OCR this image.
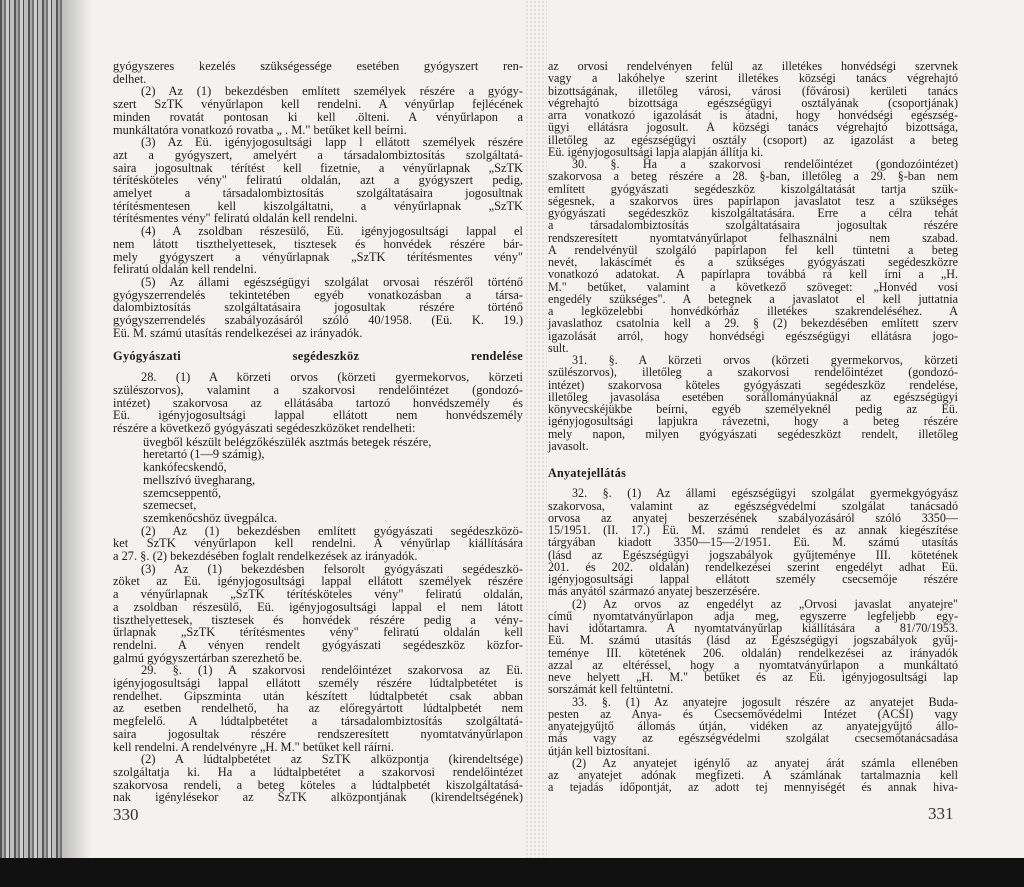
gyógyszeres kezelés szükségessége esetében gyógyszert ren-
delhet.
(2) Az (1) bekezdésben említett személyek részére a gyógy-
szert SzTK vényűrlapon kell rendelni. A vényűrlap fejlécének
minden rovatát pontosan ki kell .ölteni. A vényűrlapon a
munkáltatóra vonatkozó rovatba „ . M." betűket kell beírni.
(3) Az Eü. igényjogosultsági lapp l ellátott személyek részére
azt a gyógyszert, amelyért a társadalombiztosítás szolgáltatá-
saira jogosultnak térítést kell fizetnie, a vényűrlapnak „SzTK
térítésköteles vény" feliratú oldalán, azt a gyógyszert pedig,
amelyet a társadalombiztosítás szolgáltatásaira jogosultnak
térítésmentesen kell kiszolgáltatni, a vényűrlapnak „SzTK
térítésmentes vény" feliratú oldalán kell rendelni.
(4) A zsoldban részesülő, Eü. igényjogosultsági lappal el
nem látott tiszthelyettesek, tisztesek és honvédek részére bár-
mely gyógyszert a vényűrlapnak „SzTK térítésmentes vény"
feliratú oldalán kell rendelni.
(5) Az állami egészségügyi szolgálat orvosai részéről történő
gyógyszerrendelés tekintetében egyéb vonatkozásban a társa-
dalombiztosítás szolgáltatásaira jogosultak részére történő
gyógyszerrendelés szabályozásáról szóló 40/1958. (Eü. K. 19.)
Eü. M. számú utasítás rendelkezései az irányadók.
Gyógyászati segédeszköz rendelése
28. (1) A körzeti orvos (körzeti gyermekorvos, körzeti
szülészorvos), valamint a szakorvosi rendelőintézet (gondozó-
intézet) szakorvosa az ellátásába tartozó honvédszemély és
Eü. igényjogosultsági lappal ellátott nem honvédszemély
részére a következő gyógyászati segédeszközöket rendelheti:
üvegből készült belégzőkészülék asztmás betegek részére,
heretartó (1—9 számig),
kankófecskendő,
mellszívó üvegharang,
szemcseppentő,
szemecset,
szemkenőcshöz üvegpálca.
(2) Az (1) bekezdésben említett gyógyászati segédeszközö-
ket SzTK vényűrlapon kell rendelni. A vényűrlap kiállítására
a 27. §. (2) bekezdésében foglalt rendelkezések az irányadók.
(3) Az (1) bekezdésben felsorolt gyógyászati segédeszkö-
zöket az Eü. igényjogosultsági lappal ellátott személyek részére
a vényűrlapnak „SzTK térítésköteles vény" feliratú oldalán,
a zsoldban részesülő, Eü. igényjogosultsági lappal el nem látott
tiszthelyettesek, tisztesek és honvédek részére pedig a vény-
űrlapnak „SzTK térítésmentes vény" feliratú oldalán kell
rendelni. A vényen rendelt gyógyászati segédeszköz közfor-
galmú gyógyszertárban szerezhető be.
29. §. (1) A szakorvosi rendelőintézet szakorvosa az Eü.
igényjogosultsági lappal ellátott személy részére lúdtalpbetétet is
rendelhet. Gipszminta után készített lúdtalpbetét csak abban
az esetben rendelhető, ha az előregyártott lúdtalpbetét nem
megfelelő. A lúdtalpbetétet a társadalombiztosítás szolgáltatá-
saira jogosultak részére rendszeresített nyomtatványűrlapon
kell rendelni. A rendelvényre „H. M." betűket kell ráírni.
(2) A lúdtalpbetétet az SzTK alközpontja (kirendeltsége)
szolgáltatja ki. Ha a lúdtalpbetétet a szakorvosi rendelőintézet
szakorvosa rendeli, a beteg köteles a lúdtalpbetét kiszolgáltatásá-
nak igénylésekor az SzTK alközpontjának (kirendeltségének)
az orvosi rendelvényen felül az illetékes honvédségi szervnek
vagy a lakóhelye szerint illetékes községi tanács végrehajtó
bizottságának, illetőleg városi, városi (fővárosi) kerületi tanács
végrehajtó bizottsága egészségügyi osztályának (csoportjának)
arra vonatkozó igazolását is átadni, hogy honvédségi egészség-
ügyi ellátásra jogosult. A községi tanács végrehajtó bizottsága,
illetőleg az egészségügyi osztály (csoport) az igazolást a beteg
Eü. igényjogosultsági lapja alapján állítja ki.
30. §. Ha a szakorvosi rendelőintézet (gondozóintézet)
szakorvosa a beteg részére a 28. §-ban, illetőleg a 29. §-ban nem
említett gyógyászati segédeszköz kiszolgáltatását tartja szük-
ségesnek, a szakorvos üres papírlapon javaslatot tesz a szükséges
gyógyászati segédeszköz kiszolgáltatására. Erre a célra tehát
a társadalombiztosítás szolgáltatásaira jogosultak részére
rendszeresített nyomtatványűrlapot felhasználni nem szabad.
A rendelvényül szolgáló papírlapon fel kell tüntetni a beteg
nevét, lakáscímét és a szükséges gyógyászati segédeszközre
vonatkozó adatokat. A papírlapra továbbá rá kell írni a „H.
M." betűket, valamint a következő szöveget: „Honvéd vosi
engedély szükséges". A betegnek a javaslatot el kell juttatnia
a legközelebbi honvédkórház illetékes szakrendeléséhez. A
javaslathoz csatolnia kell a 29. § (2) bekezdésében említett szerv
igazolását arról, hogy honvédségi egészségügyi ellátásra jogo-
sult.
31. §. A körzeti orvos (körzeti gyermekorvos, körzeti
szülészorvos), illetőleg a szakorvosi rendelőintézet (gondozó-
intézet) szakorvosa köteles gyógyászati segédeszköz rendelése,
illetőleg javasolása esetében sorállományúaknál az egészségügyi
könyvecskéjükbe beírni, egyéb személyeknél pedig az Eü.
igényjogosultsági lapjukra rávezetni, hogy a beteg részére
mely napon, milyen gyógyászati segédeszközt rendelt, illetőleg
javasolt.
Anyatejellátás
32. §. (1) Az állami egészségügyi szolgálat gyermekgyógyász
szakorvosa, valamint az egészségvédelmi szolgálat tanácsadó
orvosa az anyatej beszerzésének szabályozásáról szóló 3350—
15/1951. (II. 17.) Eü. M. számú rendelet és az annak kiegészítése
tárgyában kiadott 3350—15—2/1951. Eü. M. számú utasítás
(lásd az Egészségügyi jogszabályok gyűjteménye III. kötetének
201. és 202. oldalán) rendelkezései szerint engedélyt adhat Eü.
igényjogosultsági lappal ellátott személy csecsemője részére
más anyától származó anyatej beszerzésére.
(2) Az orvos az engedélyt az „Orvosi javaslat anyatejre"
című nyomtatványűrlapon adja meg, egyszerre legfeljebb egy-
havi időtartamra. A nyomtatványűrlap kiállítására a 81/70/1953.
Eü. M. számú utasítás (lásd az Egészségügyi jogszabályok gyűj-
teménye III. kötetének 206. oldalán) rendelkezései az irányadók
azzal az eltéréssel, hogy a nyomtatványűrlapon a munkáltató
neve helyett „H. M." betűket és az Eü. igényjogosultsági lap
sorszámát kell feltüntetni.
33. §. (1) Az anyatejre jogosult részére az anyatejet Buda-
pesten az Anya- és Csecsemővédelmi Intézet (ACSI) vagy
anyatejgyűjtő állomás útján, vidéken az anyatejgyűjtő állo-
más vagy az egészségvédelmi szolgálat csecsemőtanácsadása
útján kell biztosítani.
(2) Az anyatejet igénylő az anyatej árát számla ellenében
az anyatejet adónak megfizeti. A számlának tartalmaznia kell
a tejadás időpontját, az adott tej mennyiségét és annak hiva-
330	331
